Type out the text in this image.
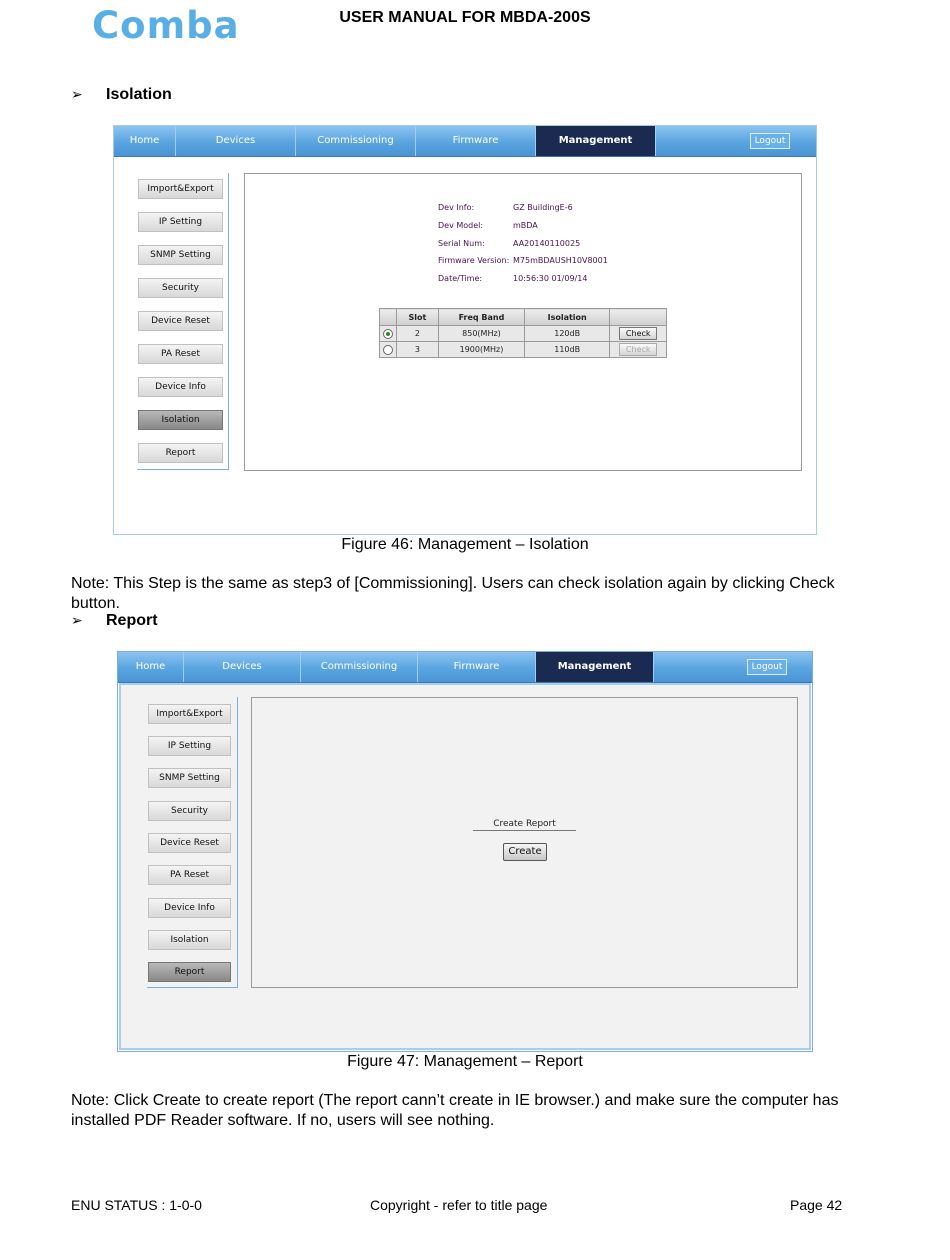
Comba	USER MANUAL FOR MBDA-200S
➢ Isolation
Home	Devices	Commissioning	Firmware	Management	Logout
Import&Export
IP Setting
SNMP Setting
Security
Device Reset
PA Reset
Device Info
Isolation
Report
Dev Info:	GZ BuildingE-6
Dev Model:	mBDA
Serial Num:	AA20140110025
Firmware Version: M75mBDAUSH10V8001
Date/Time:	10:56:30 01/09/14
	Slot	Freq Band	Isolation	
	2	850(MHz)	120dB	Check
	3	1900(MHz)	110dB	Check
Figure 46: Management – Isolation
Note: This Step is the same as step3 of [Commissioning]. Users can check isolation again by clicking Check button.
➢ Report
Home	Devices	Commissioning	Firmware	Management	Logout
Import&Export
IP Setting
SNMP Setting
Security
Device Reset
PA Reset
Device Info
Isolation
Report
Create Report
Create
Figure 47: Management – Report
Note: Click Create to create report (The report cann’t create in IE browser.) and make sure the computer has installed PDF Reader software. If no, users will see nothing.
ENU STATUS : 1-0-0	Copyright - refer to title page	Page 42
